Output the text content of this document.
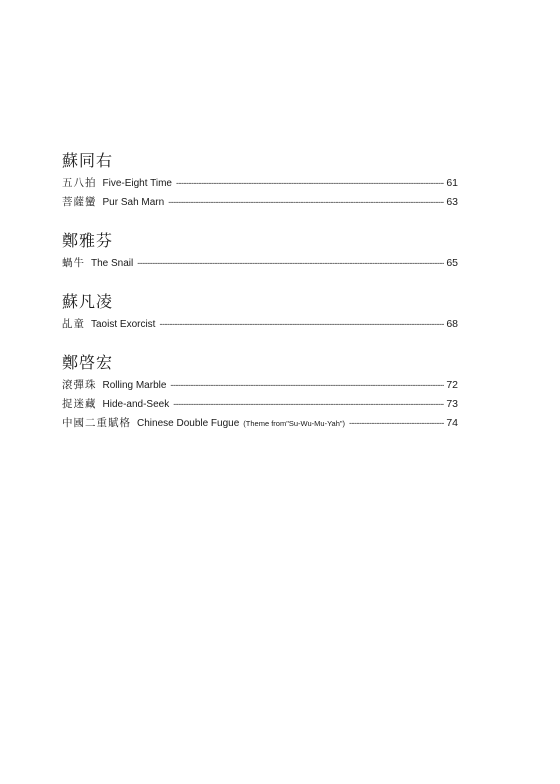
蘇同右
五八拍 Five-Eight Time -----	61
菩薩蠻 Pur Sah Marn -----	63
鄭雅芬
蝸牛 The Snail -----	65
蘇凡凌
乩童 Taoist Exorcist -----	68
鄭啓宏
滾彈珠 Rolling Marble -----	72
捉迷藏 Hide-and-Seek -----	73
中國二重賦格 Chinese Double Fugue (Theme from"Su-Wu-Mu-Yah") -----	74
